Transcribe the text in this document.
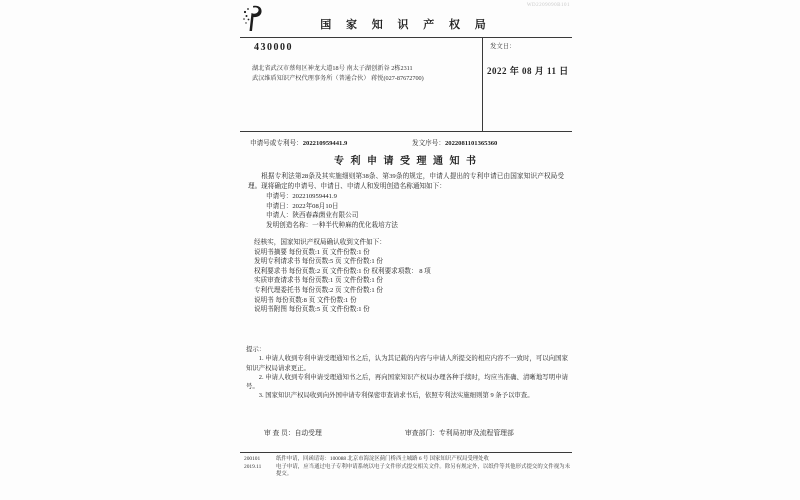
国 家 知 识 产 权 局
WD2209090B101
430000
湖北省武汉市蔡甸区神龙大道18号 南太子湖创新谷 2栋2311
武汉维盾知识产权代理事务所（普通合伙） 蒋悦(027-87672700)
发文日：
2022 年 08 月 11 日
申请号或专利号：202210959441.9	发文序号：2022081101365360
专 利 申 请 受 理 通 知 书
根据专利法第28条及其实施细则第38条、第39条的规定，申请人提出的专利申请已由国家知识产权局受理。现将确定的申请号、申请日、申请人和发明创造名称通知如下：
申请号：202210959441.9
申请日：2022年08月10日
申请人：陕西春森菌业有限公司
发明创造名称：一种半代种麻的优化栽培方法
经核实，国家知识产权局确认收到文件如下：
说明书摘要 每份页数:1 页 文件份数:1 份
发明专利请求书 每份页数:5 页 文件份数:1 份
权利要求书 每份页数:2 页 文件份数:1 份 权利要求项数： 8 项
实质审查请求书 每份页数:1 页 文件份数:1 份
专利代理委托书 每份页数:2 页 文件份数:1 份
说明书 每份页数:8 页 文件份数:1 份
说明书附图 每份页数:5 页 文件份数:1 份

提示：

1. 申请人收到专利申请受理通知书之后，认为其记载的内容与申请人所提交的相应内容不一致时，可以向国家知识产权局请求更正。

2. 申请人收到专利申请受理通知书之后，再向国家知识产权局办理各种手续时，均应当准确、清晰地写明申请号。

3. 国家知识产权局收到向外国申请专利保密审查请求书后，依照专利法实施细则第 9 条予以审查。

审 查 员：自动受理	审查部门：专利局初审及流程管理部
200101	纸件申请，回函请寄：100088 北京市海淀区蓟门桥西土城路 6 号 国家知识产权局受理处收
2019.11	电子申请，应当通过电子专利申请系统以电子文件形式提交相关文件。除另有规定外，以纸件等其他形式提交的文件视为未提交。
